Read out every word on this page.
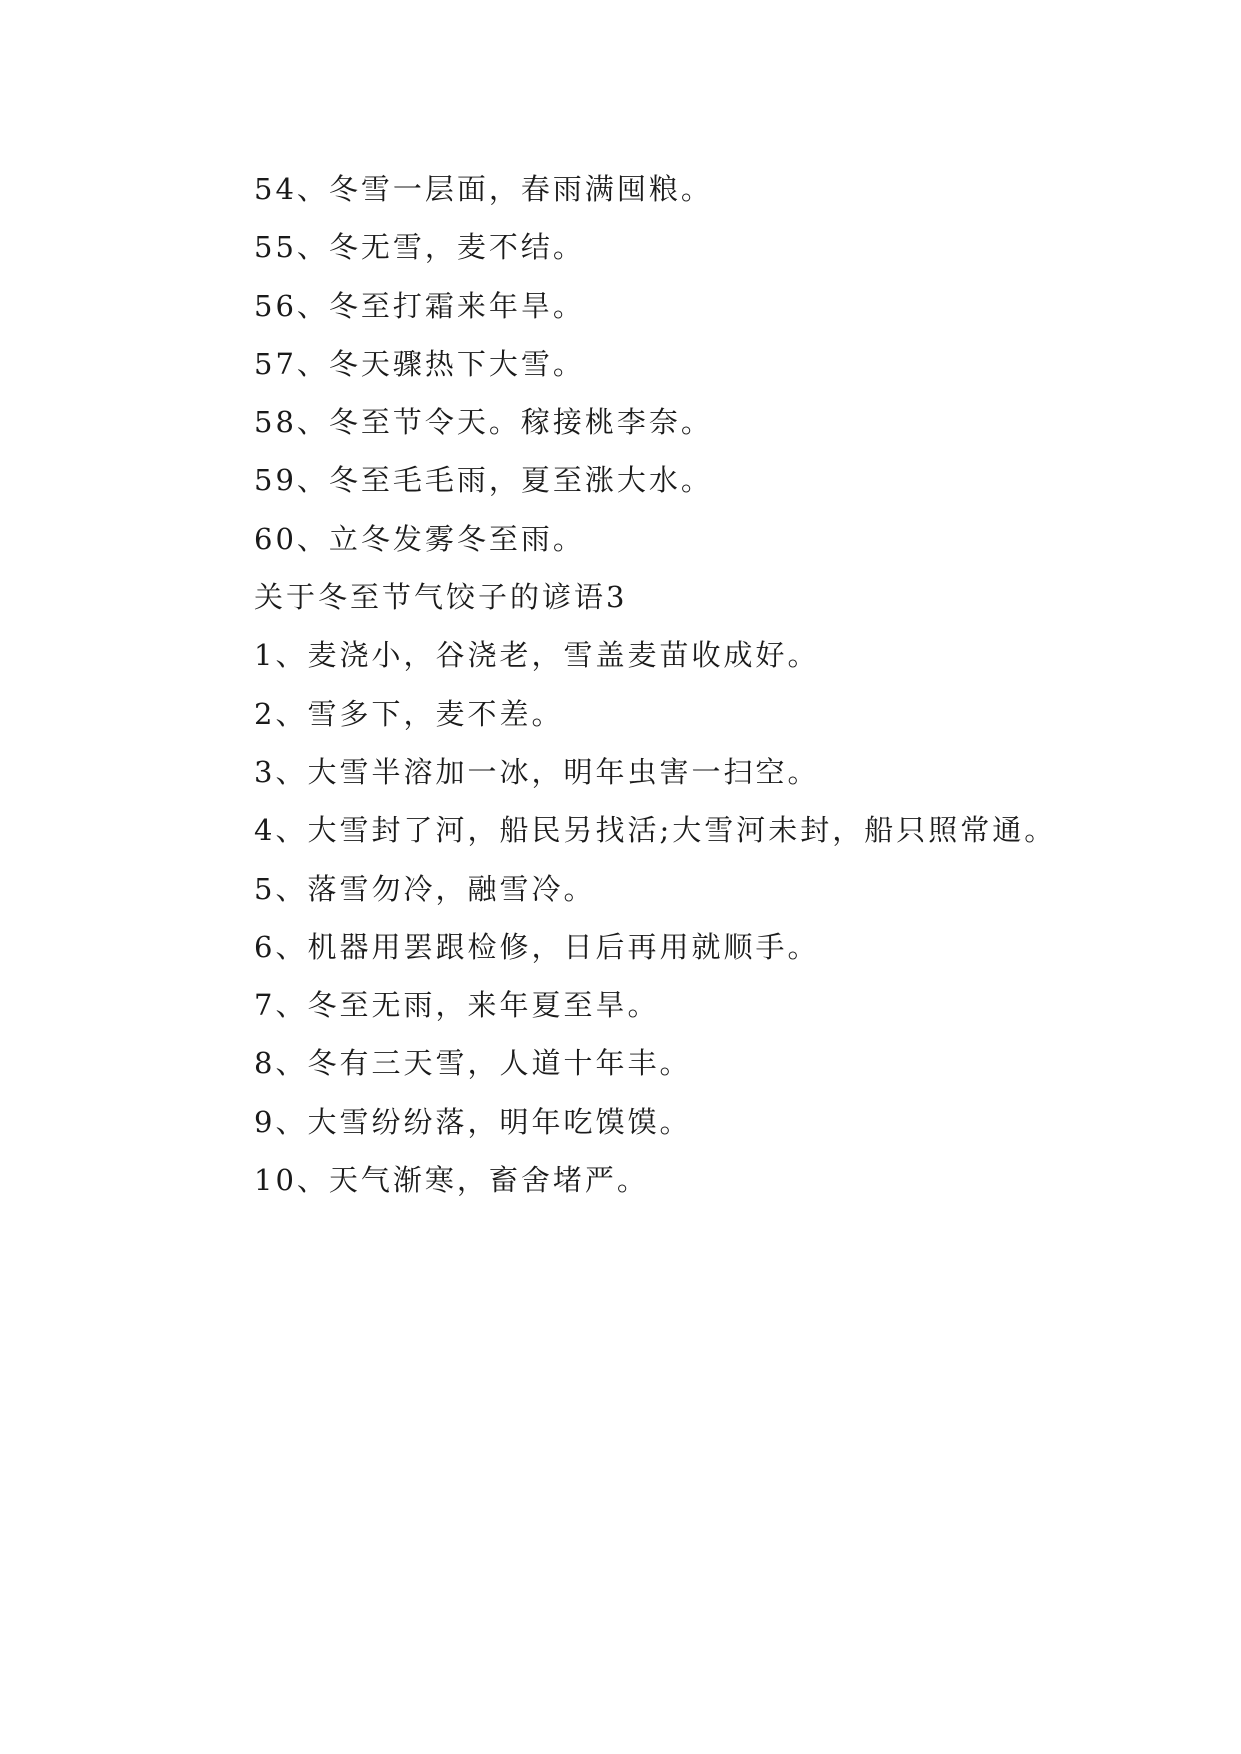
54、冬雪一层面，春雨满囤粮。
55、冬无雪，麦不结。
56、冬至打霜来年旱。
57、冬天骤热下大雪。
58、冬至节令天。稼接桃李奈。
59、冬至毛毛雨，夏至涨大水。
60、立冬发雾冬至雨。
关于冬至节气饺子的谚语3
1、麦浇小，谷浇老，雪盖麦苗收成好。
2、雪多下，麦不差。
3、大雪半溶加一冰，明年虫害一扫空。
4、大雪封了河，船民另找活;大雪河未封，船只照常通。
5、落雪勿冷，融雪冷。
6、机器用罢跟检修，日后再用就顺手。
7、冬至无雨，来年夏至旱。
8、冬有三天雪，人道十年丰。
9、大雪纷纷落，明年吃馍馍。
10、天气渐寒，畜舍堵严。
